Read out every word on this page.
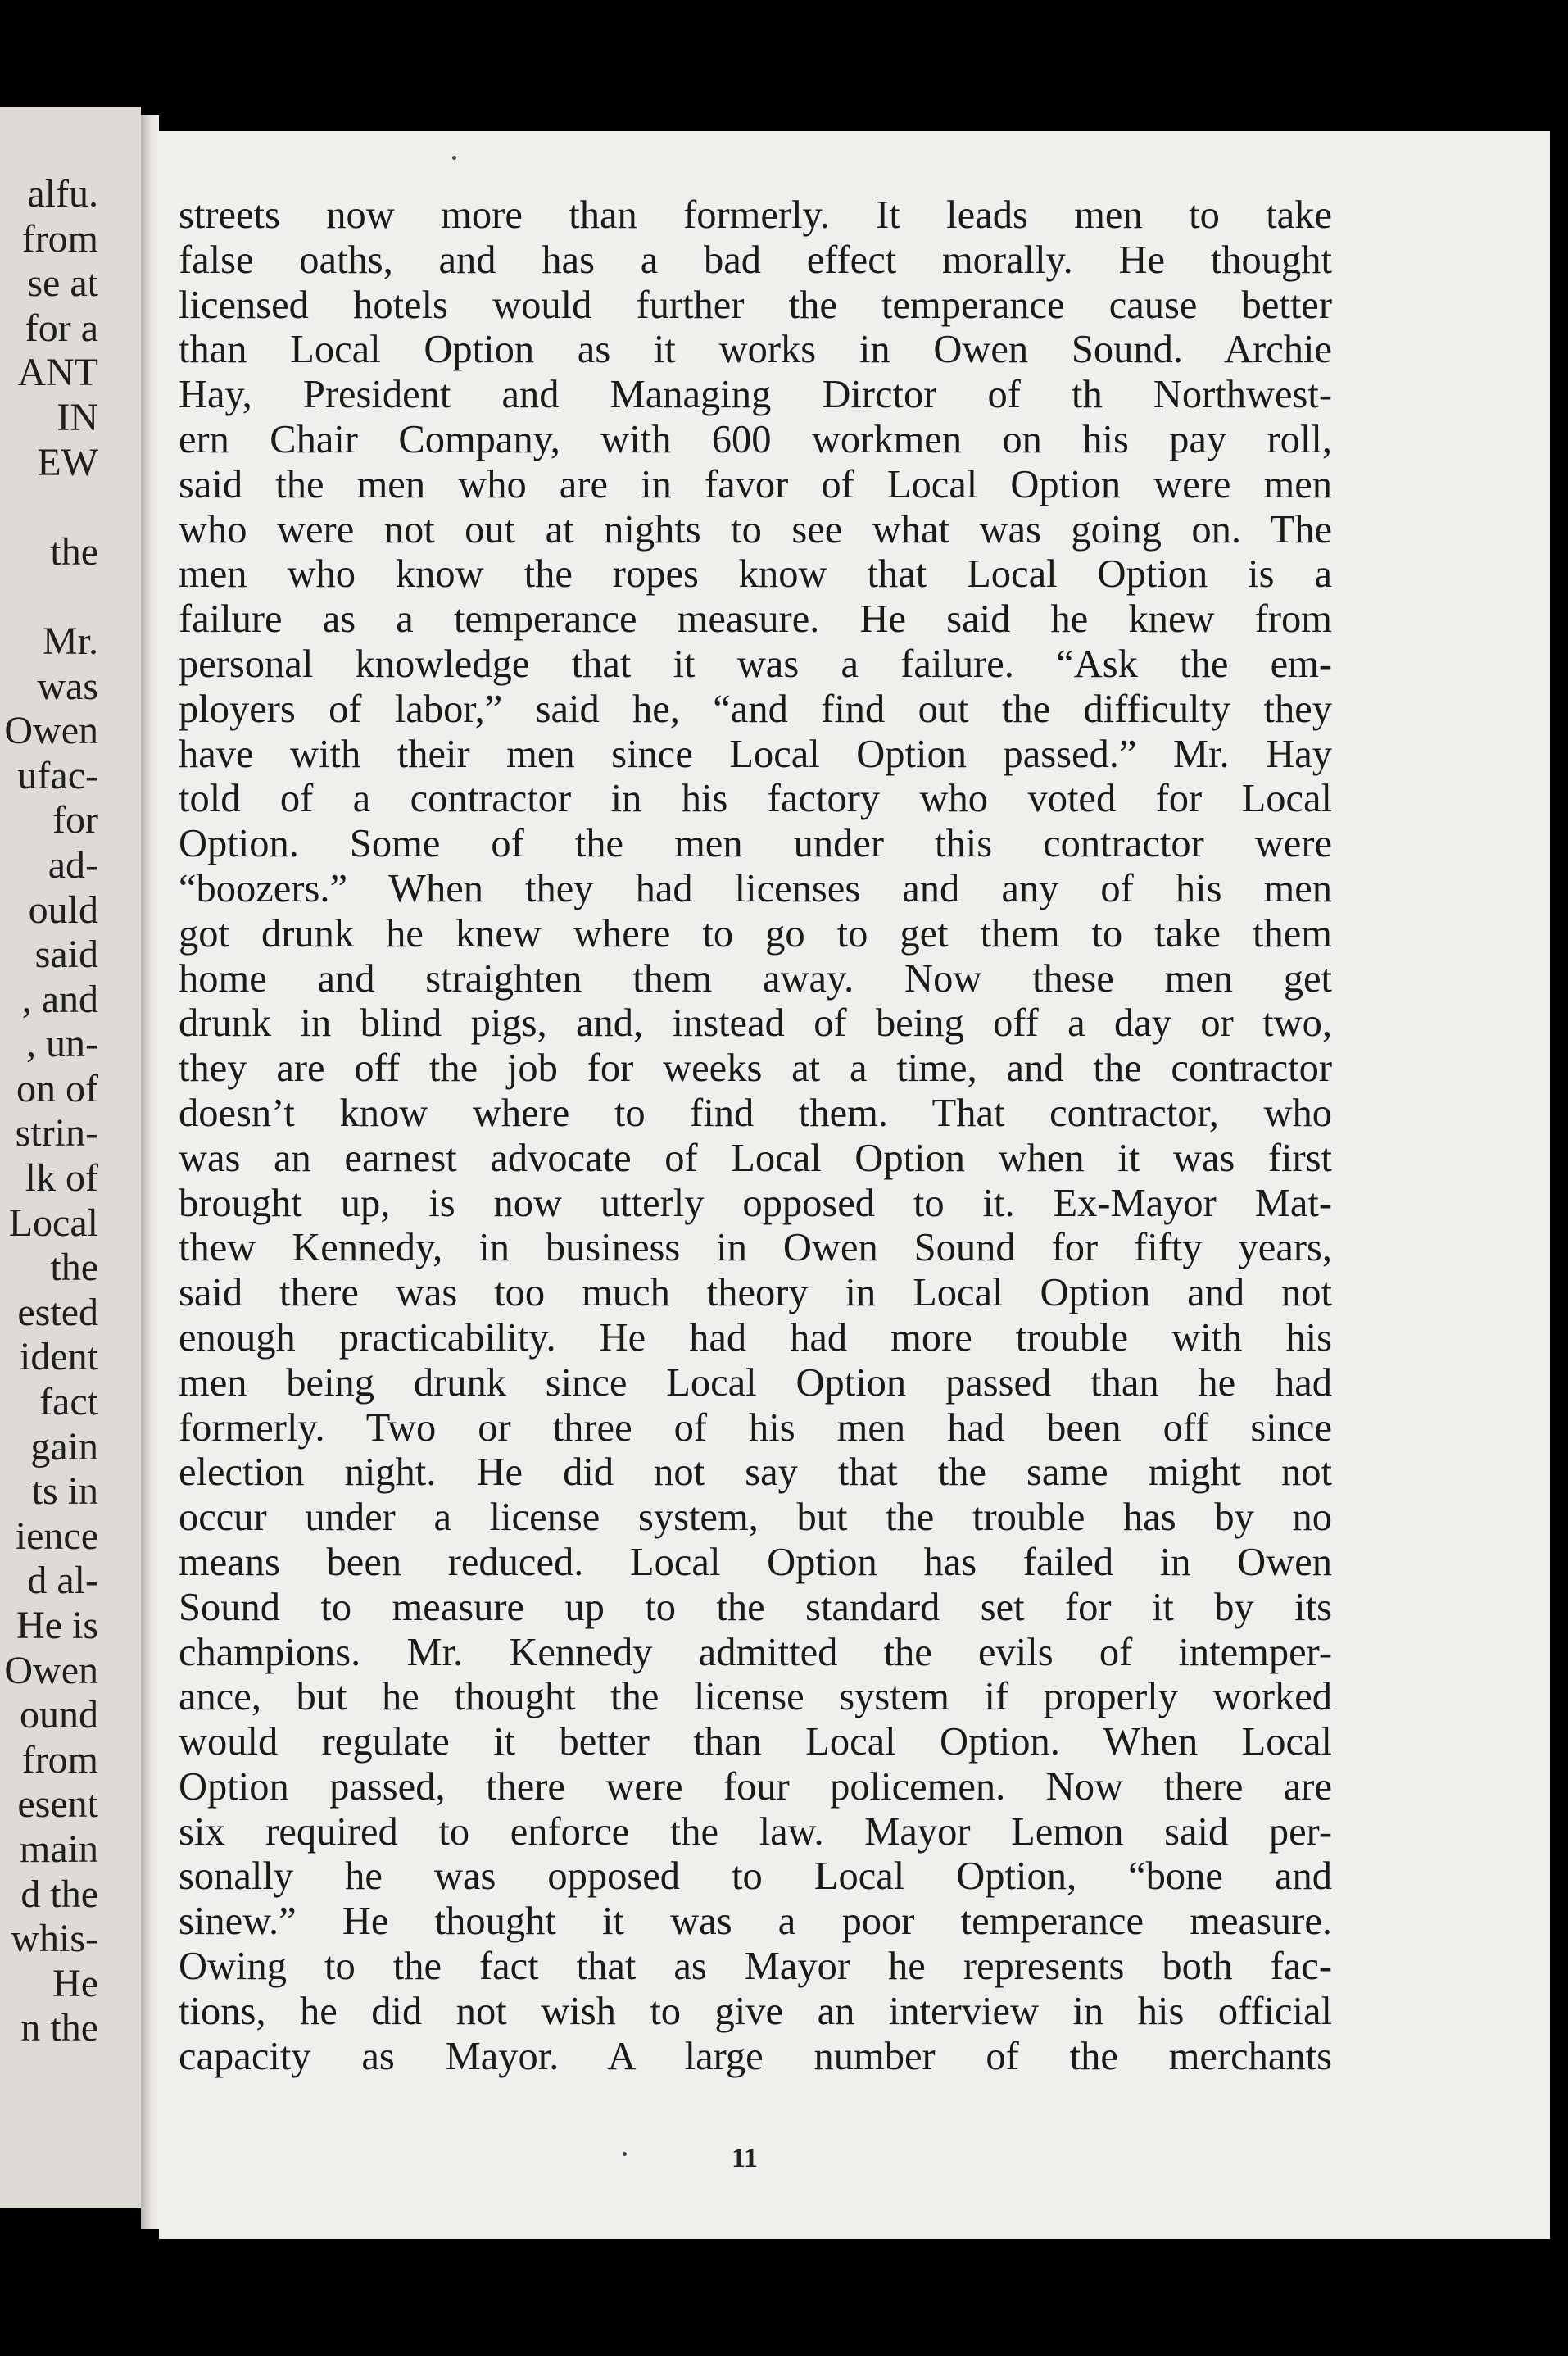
alfu.
from
se at
for a
ANT
IN
EW

the

Mr.
was
Owen
ufac-
for
ad-
ould
said
, and
, un-
on of
strin-
lk of
Local
the
ested
ident
fact
gain
ts in
ience
d al-
He is
Owen
ound
from
esent
main
d the
whis-
He
n the
streets now more than formerly. It leads men to take
false oaths, and has a bad effect morally. He thought
licensed hotels would further the temperance cause better
than Local Option as it works in Owen Sound. Archie
Hay, President and Managing Dirctor of th Northwest-
ern Chair Company, with 600 workmen on his pay roll,
said the men who are in favor of Local Option were men
who were not out at nights to see what was going on. The
men who know the ropes know that Local Option is a
failure as a temperance measure. He said he knew from
personal knowledge that it was a failure. “Ask the em-
ployers of labor,” said he, “and find out the difficulty they
have with their men since Local Option passed.” Mr. Hay
told of a contractor in his factory who voted for Local
Option. Some of the men under this contractor were
“boozers.” When they had licenses and any of his men
got drunk he knew where to go to get them to take them
home and straighten them away. Now these men get
drunk in blind pigs, and, instead of being off a day or two,
they are off the job for weeks at a time, and the contractor
doesn’t know where to find them. That contractor, who
was an earnest advocate of Local Option when it was first
brought up, is now utterly opposed to it. Ex-Mayor Mat-
thew Kennedy, in business in Owen Sound for fifty years,
said there was too much theory in Local Option and not
enough practicability. He had had more trouble with his
men being drunk since Local Option passed than he had
formerly. Two or three of his men had been off since
election night. He did not say that the same might not
occur under a license system, but the trouble has by no
means been reduced. Local Option has failed in Owen
Sound to measure up to the standard set for it by its
champions. Mr. Kennedy admitted the evils of intemper-
ance, but he thought the license system if properly worked
would regulate it better than Local Option. When Local
Option passed, there were four policemen. Now there are
six required to enforce the law. Mayor Lemon said per-
sonally he was opposed to Local Option, “bone and
sinew.” He thought it was a poor temperance measure.
Owing to the fact that as Mayor he represents both fac-
tions, he did not wish to give an interview in his official
capacity as Mayor. A large number of the merchants
11
